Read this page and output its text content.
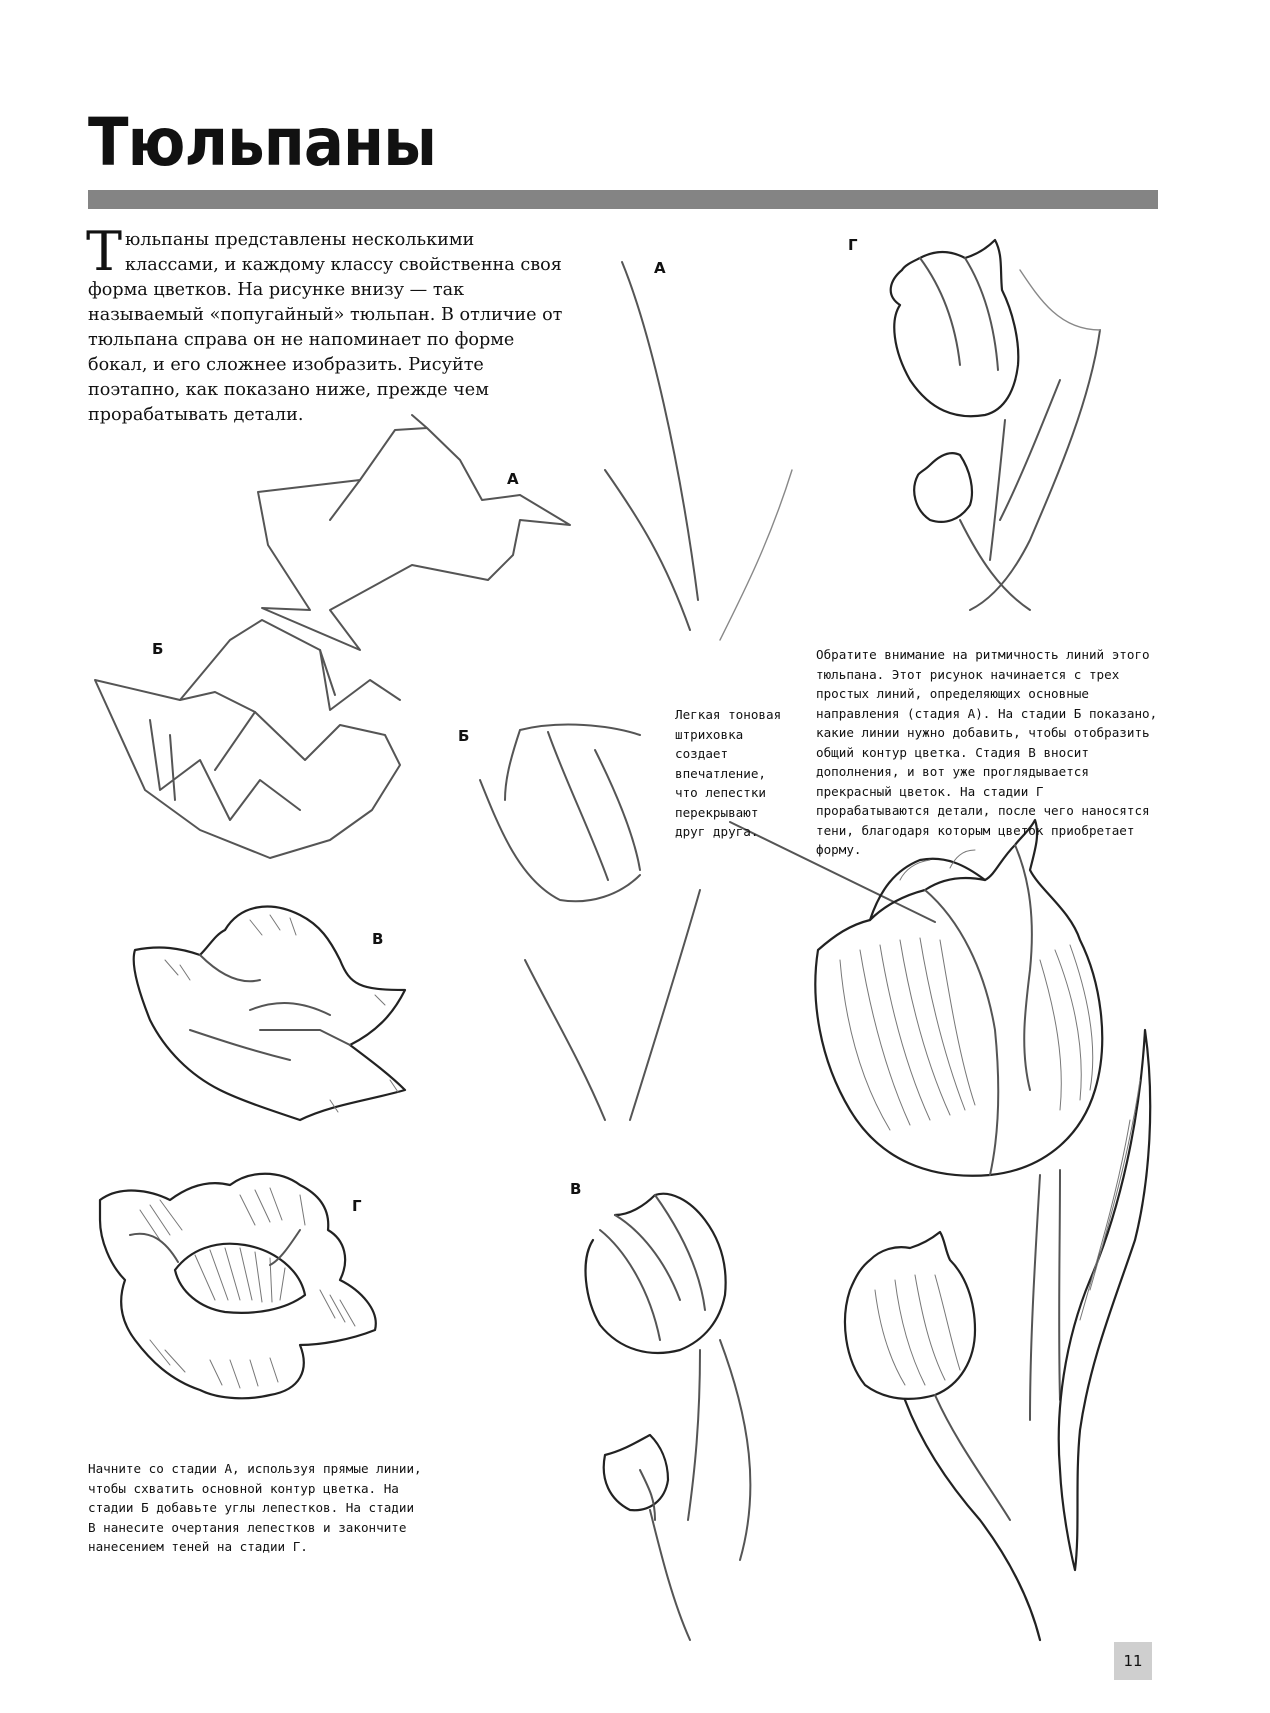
Тюльпаны
Тюльпаны представлены несколькими классами, и каждому классу свойственна своя форма цветков. На рисунке внизу — так называемый «попугайный» тюльпан. В отличие от тюльпана справа он не напоминает по форме бокал, и его сложнее изобразить. Рисуйте поэтапно, как показано ниже, прежде чем прорабатывать детали.
А
Б
В
Г
А
Б
В
Г
Начните со стадии А, используя прямые линии, чтобы схватить основной контур цветка. На стадии Б добавьте углы лепестков. На стадии В нанесите очертания лепестков и закончите нанесением теней на стадии Г.
Обратите внимание на ритмичность линий этого тюльпана. Этот рисунок начинается с трех простых линий, определяющих основные направления (стадия А). На стадии Б показано, какие линии нужно добавить, чтобы отобразить общий контур цветка. Стадия В вносит дополнения, и вот уже проглядывается прекрасный цветок. На стадии Г прорабатываются детали, после чего наносятся тени, благодаря которым цветок приобретает форму.
Легкая тоновая штриховка создает впечатление, что лепестки перекрывают друг друга.
11
